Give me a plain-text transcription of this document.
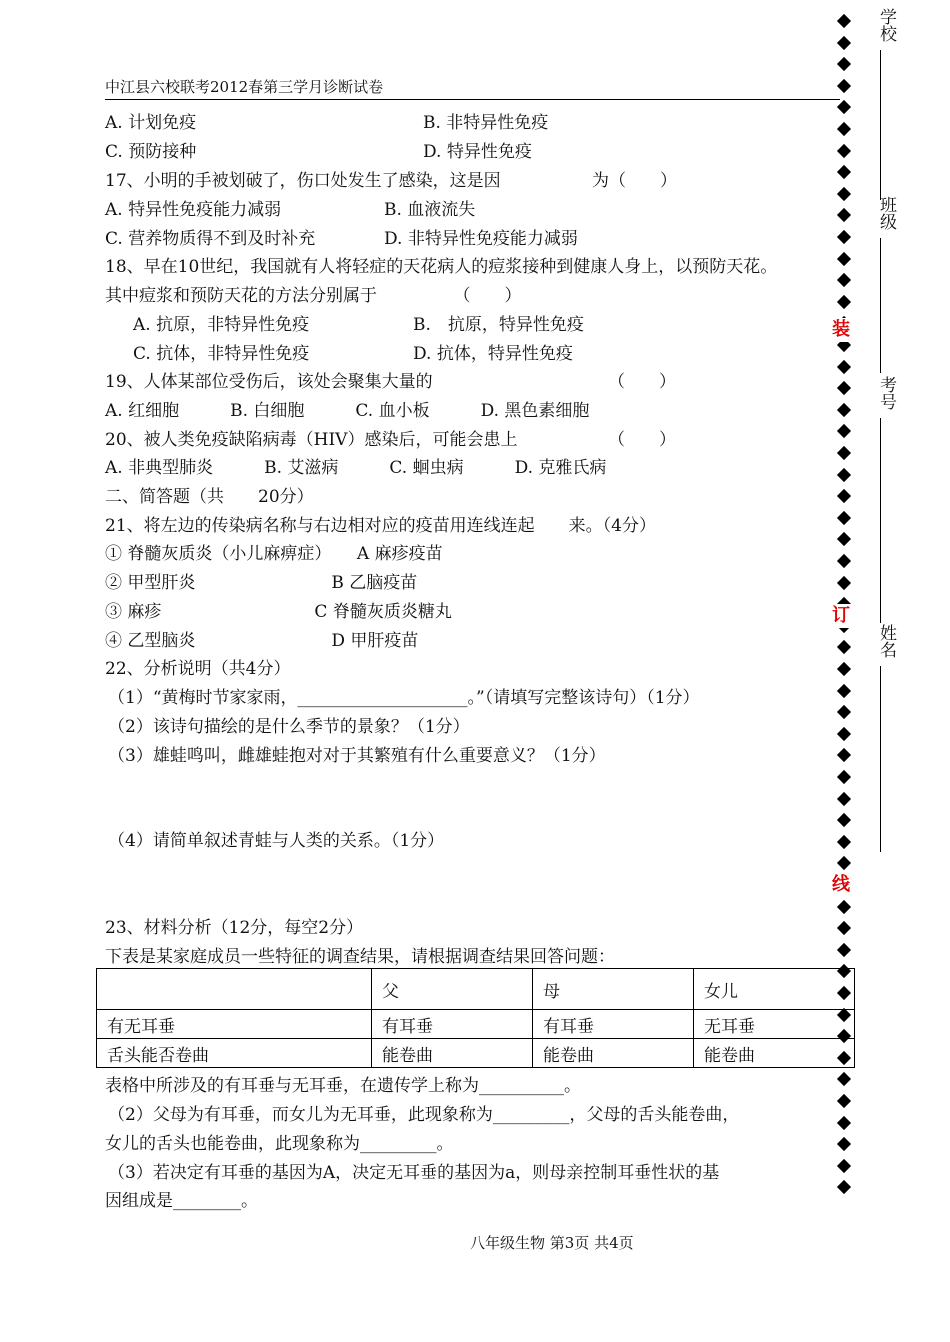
中江县六校联考2012春第三学月诊断试卷
A. 计划免疫	B. 非特异性免疫
C. 预防接种	D. 特异性免疫
17、小明的手被划破了，伤口处发生了感染，这是因	为（　　）
A. 特异性免疫能力减弱	B. 血液流失
C. 营养物质得不到及时补充	D. 非特异性免疫能力减弱
18、早在10世纪，我国就有人将轻症的天花病人的痘浆接种到健康人身上，以预防天花。
其中痘浆和预防天花的方法分别属于　　　　　（　　）
A. 抗原，非特异性免疫	B.　抗原，特异性免疫
C. 抗体，非特异性免疫	D. 抗体，特异性免疫
19、人体某部位受伤后，该处会聚集大量的	（　　）
A. 红细胞　　　B. 白细胞　　　C. 血小板　　　D. 黑色素细胞
20、被人类免疫缺陷病毒（HIV）感染后，可能会患上	（　　）
A. 非典型肺炎　　　B. 艾滋病　　　C. 蛔虫病　　　D. 克雅氏病
二、简答题（共　　20分）
21、将左边的传染病名称与右边相对应的疫苗用连线连起　　来。（4分）
① 脊髓灰质炎（小儿麻痹症）　　A 麻疹疫苗
② 甲型肝炎　　　　　　　　B 乙脑疫苗
③ 麻疹　　　　　　　　　C 脊髓灰质炎糖丸
④ 乙型脑炎　　　　　　　　D 甲肝疫苗
22、分析说明（共4分）
（1）“黄梅时节家家雨，____________________。”（请填写完整该诗句）（1分）
（2）该诗句描绘的是什么季节的景象？（1分）
（3）雄蛙鸣叫，雌雄蛙抱对对于其繁殖有什么重要意义？（1分）
（4）请简单叙述青蛙与人类的关系。（1分）
23、材料分析（12分，每空2分）
下表是某家庭成员一些特征的调查结果，请根据调查结果回答问题：
表格中所涉及的有耳垂与无耳垂，在遗传学上称为__________。
（2）父母为有耳垂，而女儿为无耳垂，此现象称为_________，父母的舌头能卷曲，
女儿的舌头也能卷曲，此现象称为_________。
（3）若决定有耳垂的基因为A，决定无耳垂的基因为a，则母亲控制耳垂性状的基
因组成是________。
	父	母	女儿
有无耳垂	有耳垂	有耳垂	无耳垂
舌头能否卷曲	能卷曲	能卷曲	能卷曲
装
订
线
学校
班级
考号
姓名
八年级生物 第3页 共4页
